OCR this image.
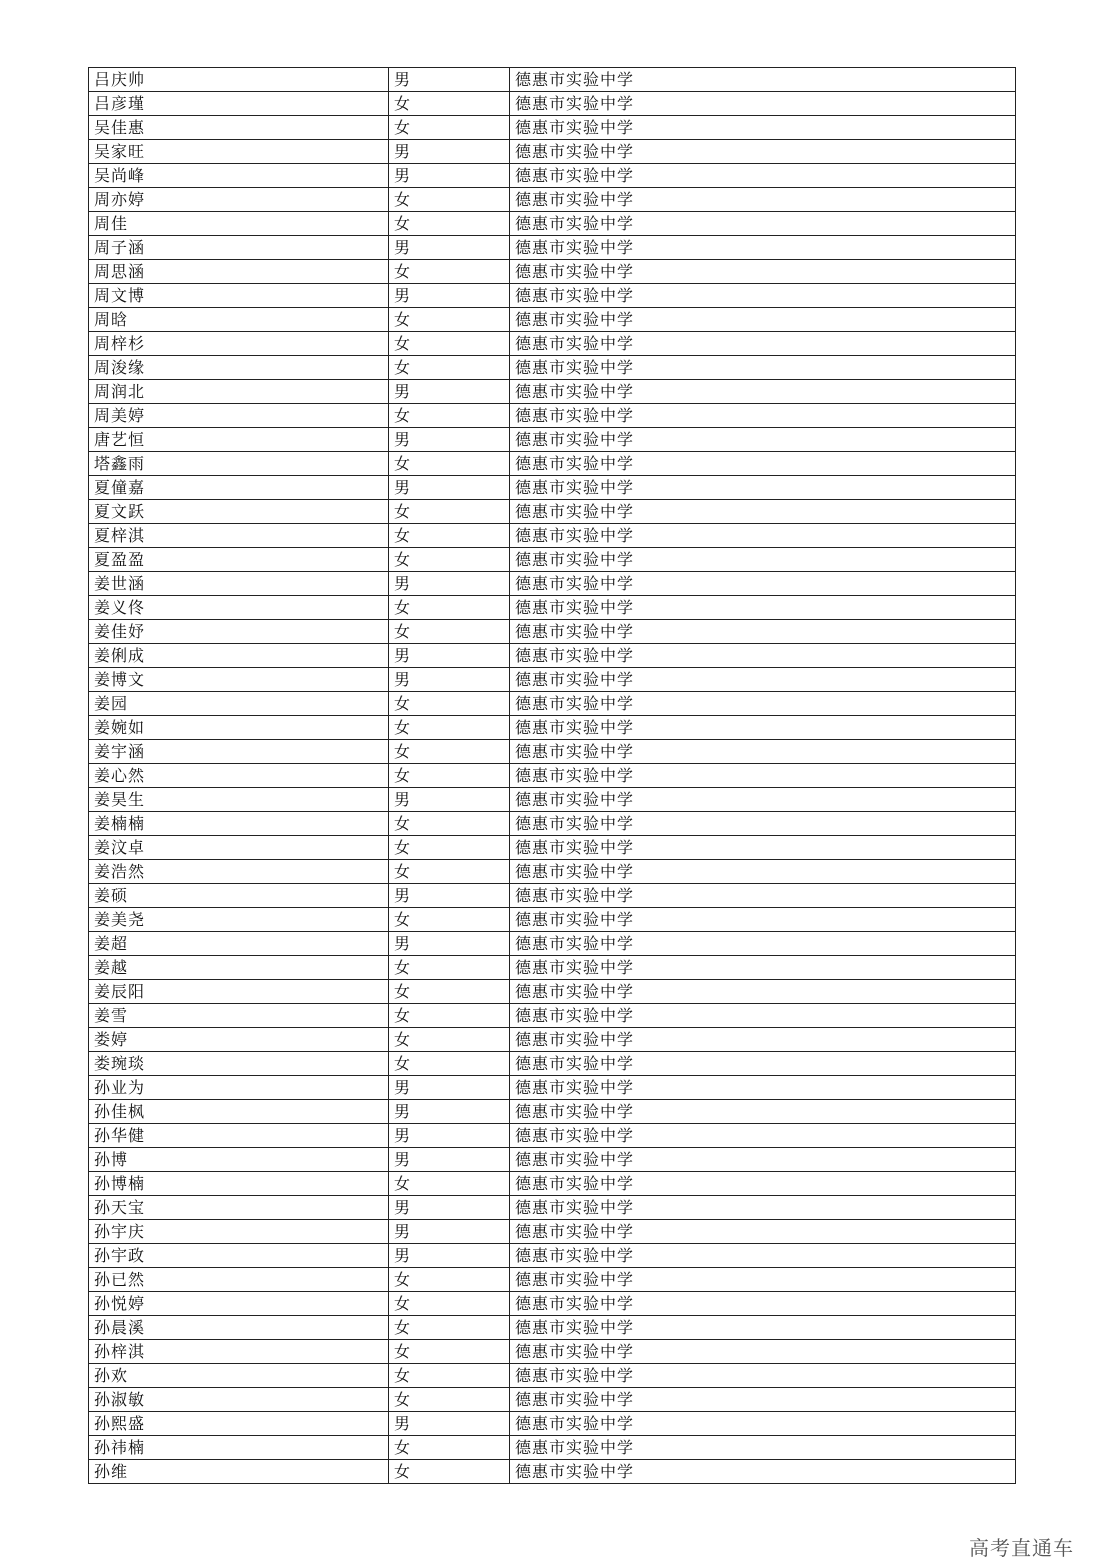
吕庆帅	男	德惠市实验中学
吕彦瑾	女	德惠市实验中学
吴佳惠	女	德惠市实验中学
吴家旺	男	德惠市实验中学
吴尚峰	男	德惠市实验中学
周亦婷	女	德惠市实验中学
周佳	女	德惠市实验中学
周子涵	男	德惠市实验中学
周思涵	女	德惠市实验中学
周文博	男	德惠市实验中学
周晗	女	德惠市实验中学
周梓杉	女	德惠市实验中学
周浚缘	女	德惠市实验中学
周润北	男	德惠市实验中学
周美婷	女	德惠市实验中学
唐艺恒	男	德惠市实验中学
塔鑫雨	女	德惠市实验中学
夏僮嘉	男	德惠市实验中学
夏文跃	女	德惠市实验中学
夏梓淇	女	德惠市实验中学
夏盈盈	女	德惠市实验中学
姜世涵	男	德惠市实验中学
姜义佟	女	德惠市实验中学
姜佳妤	女	德惠市实验中学
姜俐成	男	德惠市实验中学
姜博文	男	德惠市实验中学
姜园	女	德惠市实验中学
姜婉如	女	德惠市实验中学
姜宇涵	女	德惠市实验中学
姜心然	女	德惠市实验中学
姜昊生	男	德惠市实验中学
姜楠楠	女	德惠市实验中学
姜汶卓	女	德惠市实验中学
姜浩然	女	德惠市实验中学
姜硕	男	德惠市实验中学
姜美尧	女	德惠市实验中学
姜超	男	德惠市实验中学
姜越	女	德惠市实验中学
姜辰阳	女	德惠市实验中学
姜雪	女	德惠市实验中学
娄婷	女	德惠市实验中学
娄琬琰	女	德惠市实验中学
孙业为	男	德惠市实验中学
孙佳枫	男	德惠市实验中学
孙华健	男	德惠市实验中学
孙博	男	德惠市实验中学
孙博楠	女	德惠市实验中学
孙天宝	男	德惠市实验中学
孙宇庆	男	德惠市实验中学
孙宇政	男	德惠市实验中学
孙已然	女	德惠市实验中学
孙悦婷	女	德惠市实验中学
孙晨溪	女	德惠市实验中学
孙梓淇	女	德惠市实验中学
孙欢	女	德惠市实验中学
孙淑敏	女	德惠市实验中学
孙熙盛	男	德惠市实验中学
孙祎楠	女	德惠市实验中学
孙维	女	德惠市实验中学
高考直通车
